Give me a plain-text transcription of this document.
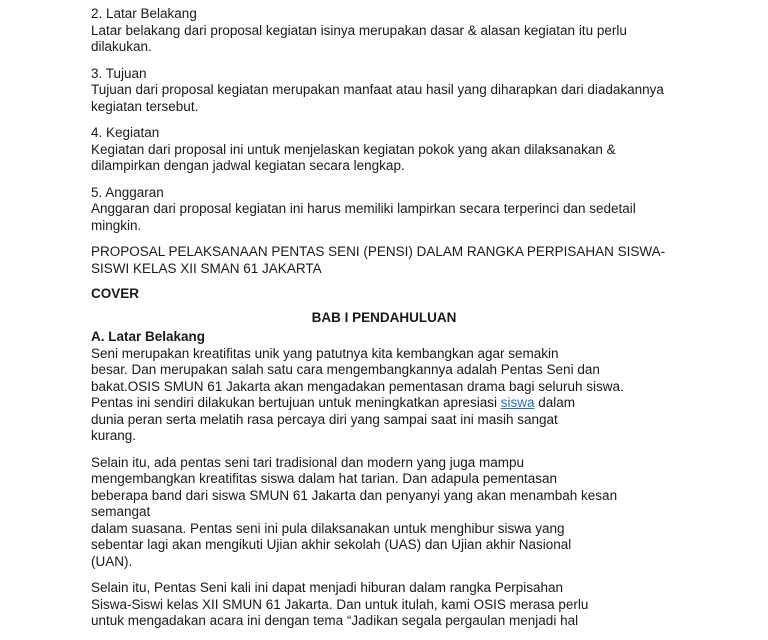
2. Latar Belakang
Latar belakang dari proposal kegiatan isinya merupakan dasar & alasan kegiatan itu perlu
dilakukan.
3. Tujuan
Tujuan dari proposal kegiatan merupakan manfaat atau hasil yang diharapkan dari diadakannya
kegiatan tersebut.
4. Kegiatan
Kegiatan dari proposal ini untuk menjelaskan kegiatan pokok yang akan dilaksanakan &
dilampirkan dengan jadwal kegiatan secara lengkap.
5. Anggaran
Anggaran dari proposal kegiatan ini harus memiliki lampirkan secara terperinci dan sedetail
mingkin.
PROPOSAL PELAKSANAAN PENTAS SENI (PENSI) DALAM RANGKA PERPISAHAN SISWA-
SISWI KELAS XII SMAN 61 JAKARTA
COVER
BAB I PENDAHULUAN
A. Latar Belakang
Seni merupakan kreatifitas unik yang patutnya kita kembangkan agar semakin
besar. Dan merupakan salah satu cara mengembangkannya adalah Pentas Seni dan
bakat.OSIS SMUN 61 Jakarta akan mengadakan pementasan drama bagi seluruh siswa.
Pentas ini sendiri dilakukan bertujuan untuk meningkatkan apresiasi siswa dalam
dunia peran serta melatih rasa percaya diri yang sampai saat ini masih sangat
kurang.
Selain itu, ada pentas seni tari tradisional dan modern yang juga mampu
mengembangkan kreatifitas siswa dalam hat tarian. Dan adapula pementasan
beberapa band dari siswa SMUN 61 Jakarta dan penyanyi yang akan menambah kesan
semangat
dalam suasana. Pentas seni ini pula dilaksanakan untuk menghibur siswa yang
sebentar lagi akan mengikuti Ujian akhir sekolah (UAS) dan Ujian akhir Nasional
(UAN).
Selain itu, Pentas Seni kali ini dapat menjadi hiburan dalam rangka Perpisahan
Siswa-Siswi kelas XII SMUN 61 Jakarta. Dan untuk itulah, kami OSIS merasa perlu
untuk mengadakan acara ini dengan tema “Jadikan segala pergaulan menjadi hal
